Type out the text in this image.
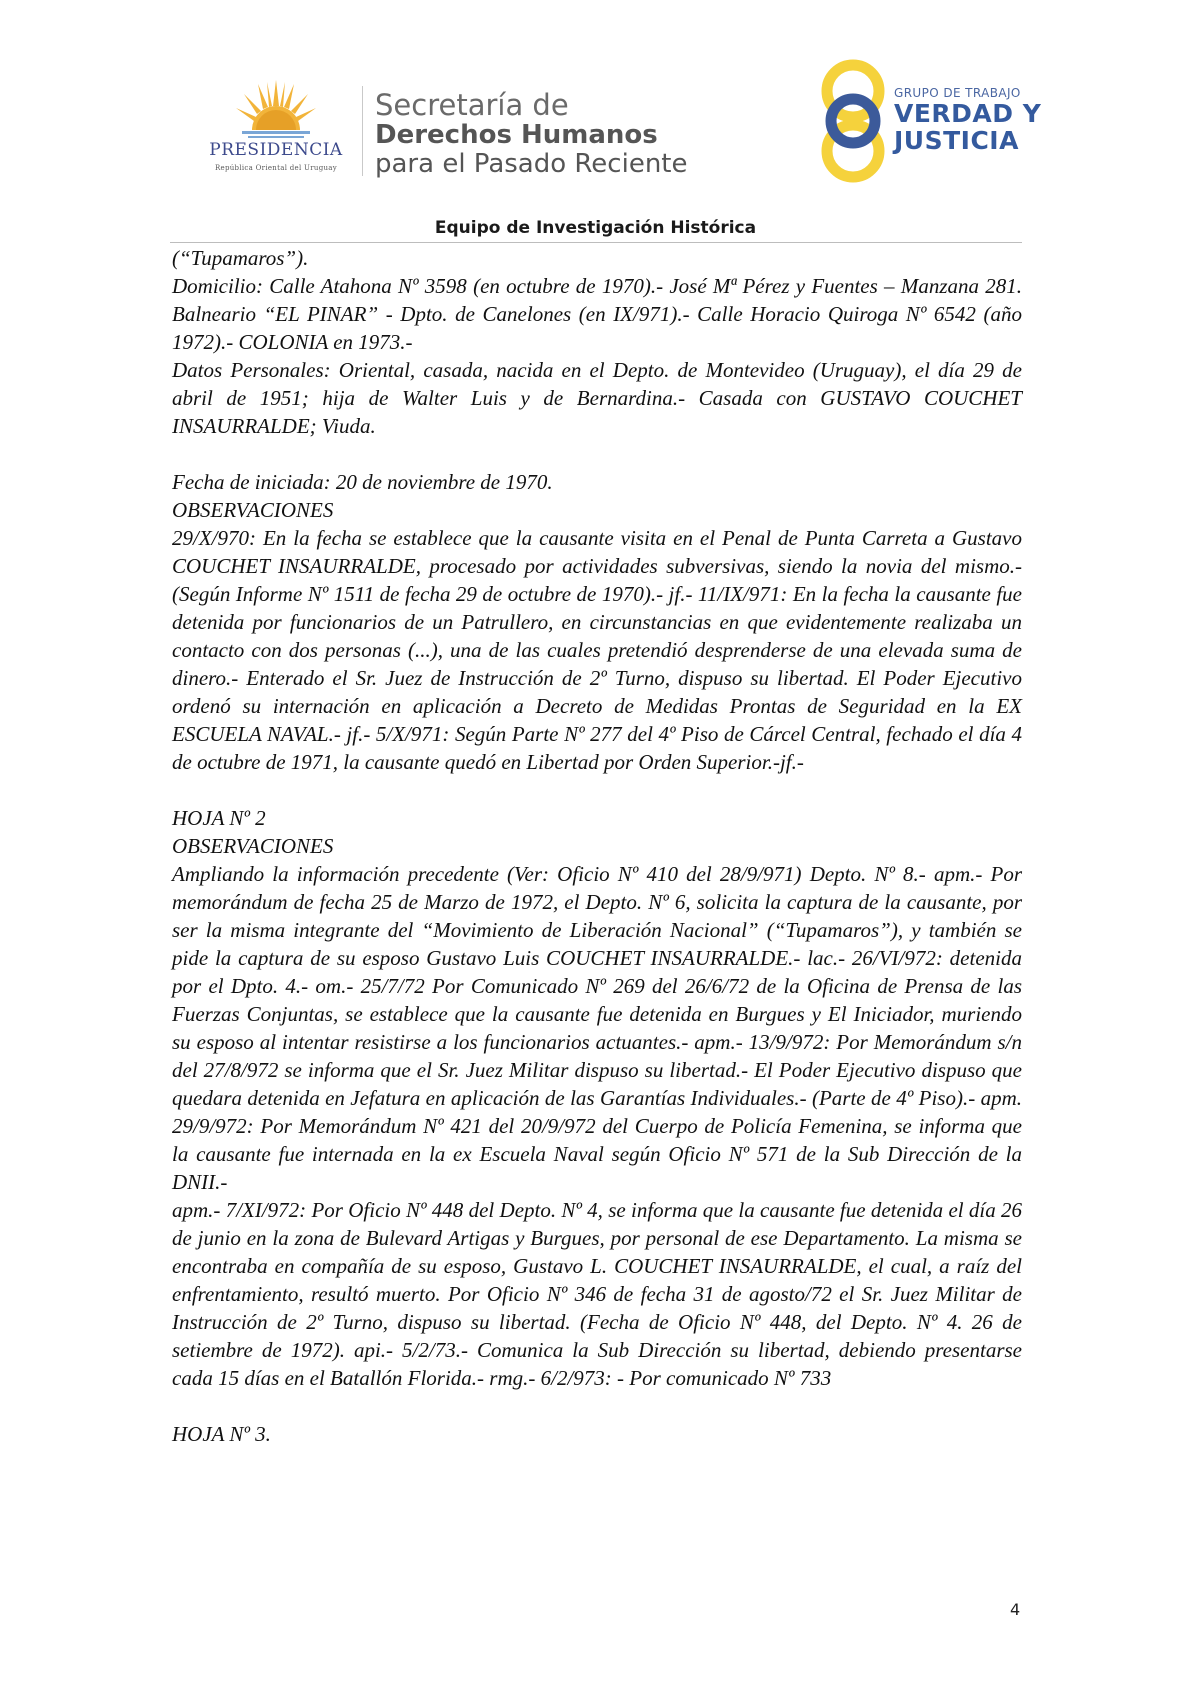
PRESIDENCIA
República Oriental del Uruguay
Secretaría de
Derechos Humanos
para el Pasado Reciente
GRUPO DE TRABAJO
VERDAD Y
JUSTICIA
Equipo de Investigación Histórica

(“Tupamaros”).

Domicilio: Calle Atahona Nº 3598 (en octubre de 1970).- José Mª Pérez y Fuentes – Manzana 281. Balneario “EL PINAR” - Dpto. de Canelones (en IX/971).- Calle Horacio Quiroga Nº 6542 (año 1972).- COLONIA en 1973.-

Datos Personales: Oriental, casada, nacida en el Depto. de Montevideo (Uruguay), el día 29 de abril de 1951; hija de Walter Luis y de Bernardina.- Casada con GUSTAVO COUCHET INSAURRALDE; Viuda.

Fecha de iniciada: 20 de noviembre de 1970.

OBSERVACIONES

29/X/970: En la fecha se establece que la causante visita en el Penal de Punta Carreta a Gustavo COUCHET INSAURRALDE, procesado por actividades subversivas, siendo la novia del mismo.- (Según Informe Nº 1511 de fecha 29 de octubre de 1970).- jf.- 11/IX/971: En la fecha la causante fue detenida por funcionarios de un Patrullero, en circunstancias en que evidentemente realizaba un contacto con dos personas (...), una de las cuales pretendió desprenderse de una elevada suma de dinero.- Enterado el Sr. Juez de Instrucción de 2º Turno, dispuso su libertad. El Poder Ejecutivo ordenó su internación en aplicación a Decreto de Medidas Prontas de Seguridad en la EX ESCUELA NAVAL.- jf.- 5/X/971: Según Parte Nº 277 del 4º Piso de Cárcel Central, fechado el día 4 de octubre de 1971, la causante quedó en Libertad por Orden Superior.-jf.-

HOJA Nº 2

OBSERVACIONES

Ampliando la información precedente (Ver: Oficio Nº 410 del 28/9/971) Depto. Nº 8.- apm.- Por memorándum de fecha 25 de Marzo de 1972, el Depto. Nº 6, solicita la captura de la causante, por ser la misma integrante del “Movimiento de Liberación Nacional” (“Tupamaros”), y también se pide la captura de su esposo Gustavo Luis COUCHET INSAURRALDE.- lac.- 26/VI/972: detenida por el Dpto. 4.- om.- 25/7/72 Por Comunicado Nº 269 del 26/6/72 de la Oficina de Prensa de las Fuerzas Conjuntas, se establece que la causante fue detenida en Burgues y El Iniciador, muriendo su esposo al intentar resistirse a los funcionarios actuantes.- apm.- 13/9/972: Por Memorándum s/n del 27/8/972 se informa que el Sr. Juez Militar dispuso su libertad.- El Poder Ejecutivo dispuso que quedara detenida en Jefatura en aplicación de las Garantías Individuales.- (Parte de 4º Piso).- apm. 29/9/972: Por Memorándum Nº 421 del 20/9/972 del Cuerpo de Policía Femenina, se informa que la causante fue internada en la ex Escuela Naval según Oficio Nº 571 de la Sub Dirección de la DNII.-

apm.- 7/XI/972: Por Oficio Nº 448 del Depto. Nº 4, se informa que la causante fue detenida el día 26 de junio en la zona de Bulevard Artigas y Burgues, por personal de ese Departamento. La misma se encontraba en compañía de su esposo, Gustavo L. COUCHET INSAURRALDE, el cual, a raíz del enfrentamiento, resultó muerto. Por Oficio Nº 346 de fecha 31 de agosto/72 el Sr. Juez Militar de Instrucción de 2º Turno, dispuso su libertad. (Fecha de Oficio Nº 448, del Depto. Nº 4. 26 de setiembre de 1972). api.- 5/2/73.- Comunica la Sub Dirección su libertad, debiendo presentarse cada 15 días en el Batallón Florida.- rmg.- 6/2/973: - Por comunicado Nº 733

HOJA Nº 3.

4
